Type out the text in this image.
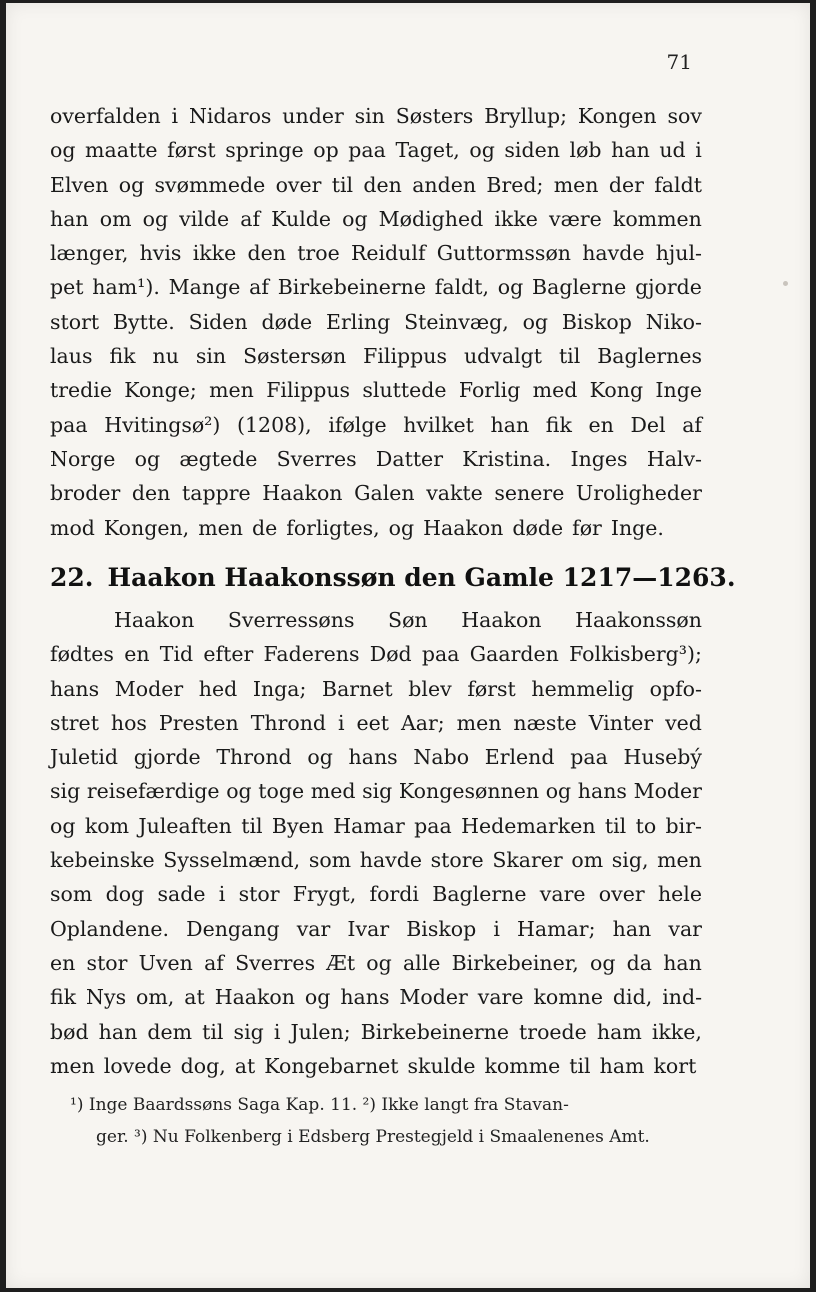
71
overfalden i Nidaros under sin Søsters Bryllup; Kongen sov
og maatte først springe op paa Taget, og siden løb han ud i
Elven og svømmede over til den anden Bred; men der faldt
han om og vilde af Kulde og Mødighed ikke være kommen
længer, hvis ikke den troe Reidulf Guttormssøn havde hjul-
pet ham¹). Mange af Birkebeinerne faldt, og Baglerne gjorde
stort Bytte. Siden døde Erling Steinvæg, og Biskop Niko-
laus fik nu sin Søstersøn Filippus udvalgt til Baglernes
tredie Konge; men Filippus sluttede Forlig med Kong Inge
paa Hvitingsø²) (1208), ifølge hvilket han fik en Del af
Norge og ægtede Sverres Datter Kristina. Inges Halv-
broder den tappre Haakon Galen vakte senere Uroligheder
mod Kongen, men de forligtes, og Haakon døde før Inge.
22. Haakon Haakonssøn den Gamle 1217—1263.
Haakon Sverressøns Søn Haakon Haakonssøn
fødtes en Tid efter Faderens Død paa Gaarden Folkisberg³);
hans Moder hed Inga; Barnet blev først hemmelig opfo-
stret hos Presten Thrond i eet Aar; men næste Vinter ved
Juletid gjorde Thrond og hans Nabo Erlend paa Husebý
sig reisefærdige og toge med sig Kongesønnen og hans Moder
og kom Juleaften til Byen Hamar paa Hedemarken til to bir-
kebeinske Sysselmænd, som havde store Skarer om sig, men
som dog sade i stor Frygt, fordi Baglerne vare over hele
Oplandene. Dengang var Ivar Biskop i Hamar; han var
en stor Uven af Sverres Æt og alle Birkebeiner, og da han
fik Nys om, at Haakon og hans Moder vare komne did, ind-
bød han dem til sig i Julen; Birkebeinerne troede ham ikke,
men lovede dog, at Kongebarnet skulde komme til ham kort
¹) Inge Baardssøns Saga Kap. 11. ²) Ikke langt fra Stavan-
ger. ³) Nu Folkenberg i Edsberg Prestegjeld i Smaalenenes Amt.
